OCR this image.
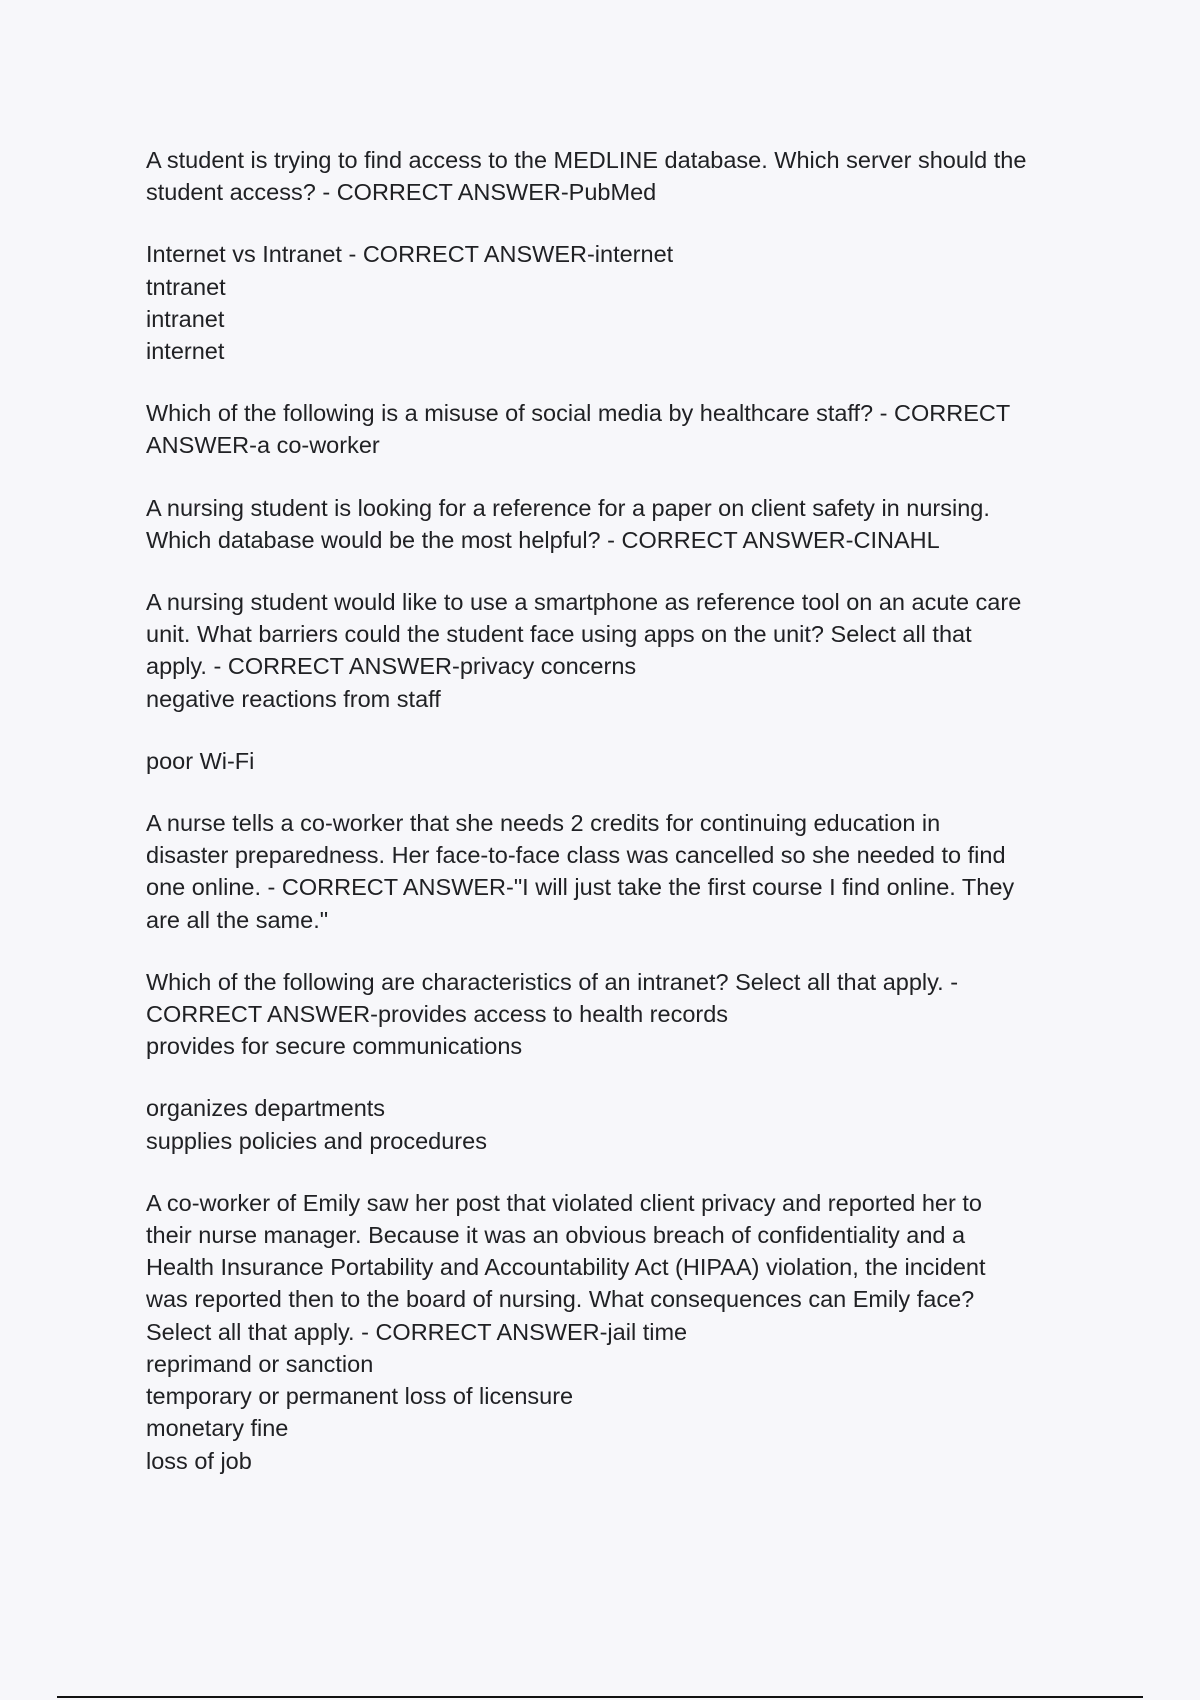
A student is trying to find access to the MEDLINE database. Which server should the
student access? - CORRECT ANSWER-PubMed
Internet vs Intranet - CORRECT ANSWER-internet
tntranet
intranet
internet
Which of the following is a misuse of social media by healthcare staff? - CORRECT
ANSWER-a co-worker
A nursing student is looking for a reference for a paper on client safety in nursing.
Which database would be the most helpful? - CORRECT ANSWER-CINAHL
A nursing student would like to use a smartphone as reference tool on an acute care
unit. What barriers could the student face using apps on the unit? Select all that
apply. - CORRECT ANSWER-privacy concerns
negative reactions from staff
poor Wi-Fi
A nurse tells a co-worker that she needs 2 credits for continuing education in
disaster preparedness. Her face-to-face class was cancelled so she needed to find
one online. - CORRECT ANSWER-"I will just take the first course I find online. They
are all the same."
Which of the following are characteristics of an intranet? Select all that apply. -
CORRECT ANSWER-provides access to health records
provides for secure communications
organizes departments
supplies policies and procedures
A co-worker of Emily saw her post that violated client privacy and reported her to
their nurse manager. Because it was an obvious breach of confidentiality and a
Health Insurance Portability and Accountability Act (HIPAA) violation, the incident
was reported then to the board of nursing. What consequences can Emily face?
Select all that apply. - CORRECT ANSWER-jail time
reprimand or sanction
temporary or permanent loss of licensure
monetary fine
loss of job
